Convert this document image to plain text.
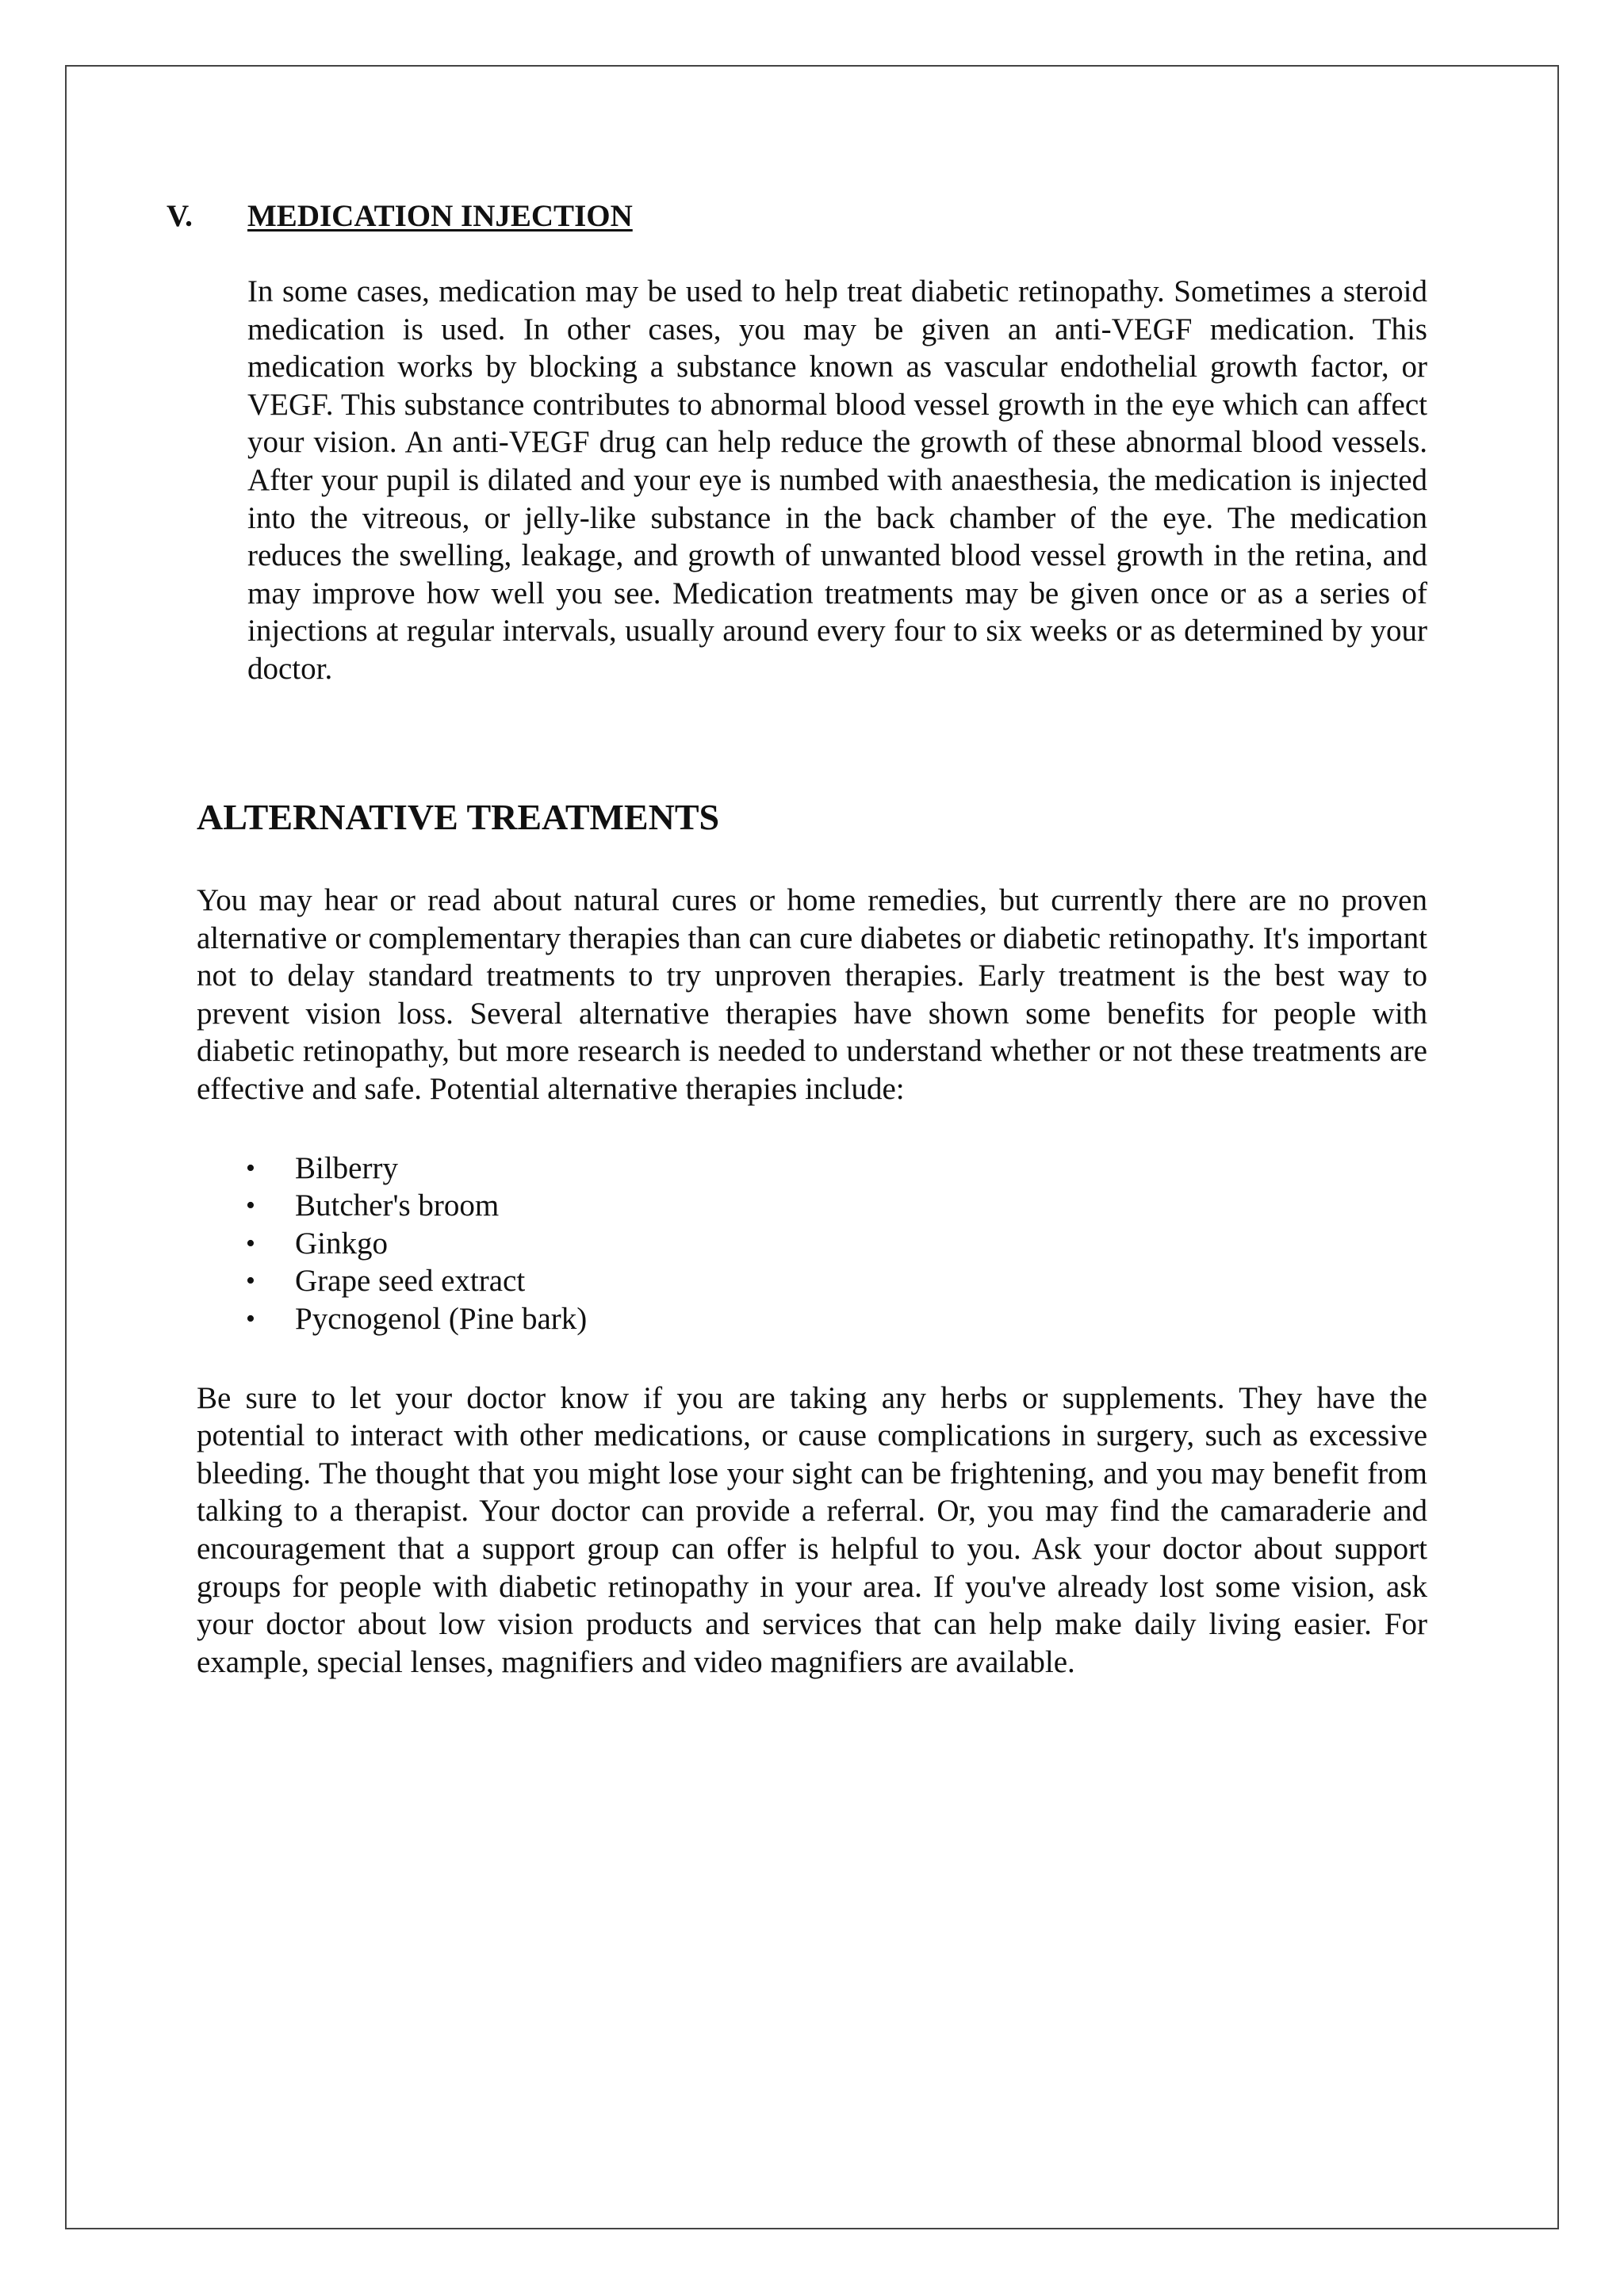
V.	MEDICATION INJECTION

In some cases, medication may be used to help treat diabetic retinopathy. Sometimes a steroid medication is used. In other cases, you may be given an anti-VEGF medication. This medication works by blocking a substance known as vascular endothelial growth factor, or VEGF. This substance contributes to abnormal blood vessel growth in the eye which can affect your vision. An anti-VEGF drug can help reduce the growth of these abnormal blood vessels. After your pupil is dilated and your eye is numbed with anaesthesia, the medication is injected into the vitreous, or jelly-like substance in the back chamber of the eye. The medication reduces the swelling, leakage, and growth of unwanted blood vessel growth in the retina, and may improve how well you see. Medication treatments may be given once or as a series of injections at regular intervals, usually around every four to six weeks or as determined by your doctor.

ALTERNATIVE TREATMENTS

You may hear or read about natural cures or home remedies, but currently there are no proven alternative or complementary therapies than can cure diabetes or diabetic retinopathy. It's important not to delay standard treatments to try unproven therapies. Early treatment is the best way to prevent vision loss. Several alternative therapies have shown some benefits for people with diabetic retinopathy, but more research is needed to understand whether or not these treatments are effective and safe. Potential alternative therapies include:

•	Bilberry
•	Butcher's broom
•	Ginkgo
•	Grape seed extract
•	Pycnogenol (Pine bark)

Be sure to let your doctor know if you are taking any herbs or supplements. They have the potential to interact with other medications, or cause complications in surgery, such as excessive bleeding. The thought that you might lose your sight can be frightening, and you may benefit from talking to a therapist. Your doctor can provide a referral. Or, you may find the camaraderie and encouragement that a support group can offer is helpful to you. Ask your doctor about support groups for people with diabetic retinopathy in your area. If you've already lost some vision, ask your doctor about low vision products and services that can help make daily living easier. For example, special lenses, magnifiers and video magnifiers are available.
